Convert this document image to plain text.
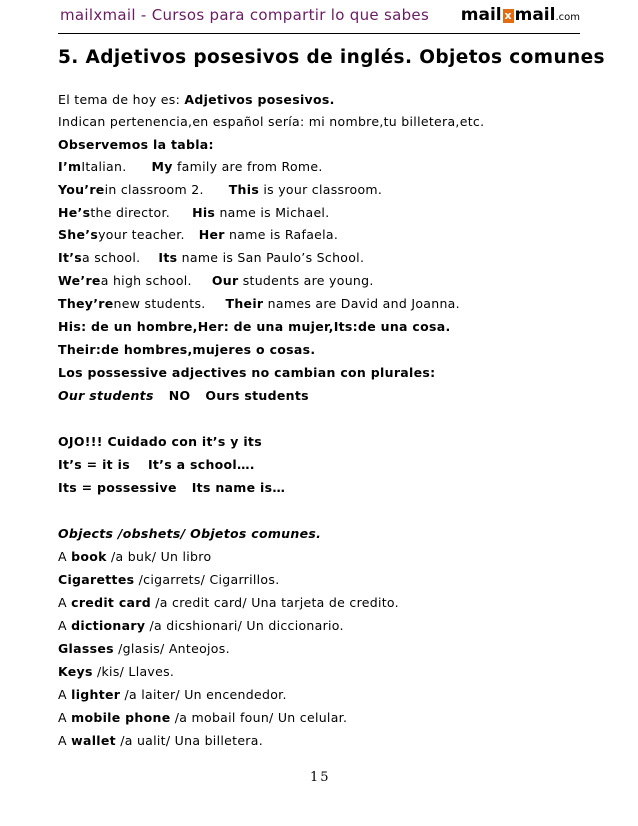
mailxmail - Cursos para compartir lo que sabes mail x mail.com
5. Adjetivos posesivos de inglés. Objetos comunes
El tema de hoy es: Adjetivos posesivos.
Indican pertenencia,en español sería: mi nombre,tu billetera,etc.
Observemos la tabla:
I’mItalian. My family are from Rome.
You’rein classroom 2. This is your classroom.
He’sthe director. His name is Michael.
She’syour teacher. Her name is Rafaela.
It’sa school. Its name is San Paulo’s School.
We’rea high school. Our students are young.
They’renew students. Their names are David and Joanna.
His: de un hombre,Her: de una mujer,Its:de una cosa.
Their:de hombres,mujeres o cosas.
Los possessive adjectives no cambian con plurales:
Our students NO Ours students
OJO!!! Cuidado con it’s y its
It’s = it is It’s a school….
Its = possessive Its name is…
Objects /obshets/ Objetos comunes.
A book /a buk/ Un libro
Cigarettes /cigarrets/ Cigarrillos.
A credit card /a credit card/ Una tarjeta de credito.
A dictionary /a dicshionari/ Un diccionario.
Glasses /glasis/ Anteojos.
Keys /kis/ Llaves.
A lighter /a laiter/ Un encendedor.
A mobile phone /a mobail foun/ Un celular.
A wallet /a ualit/ Una billetera.
15
